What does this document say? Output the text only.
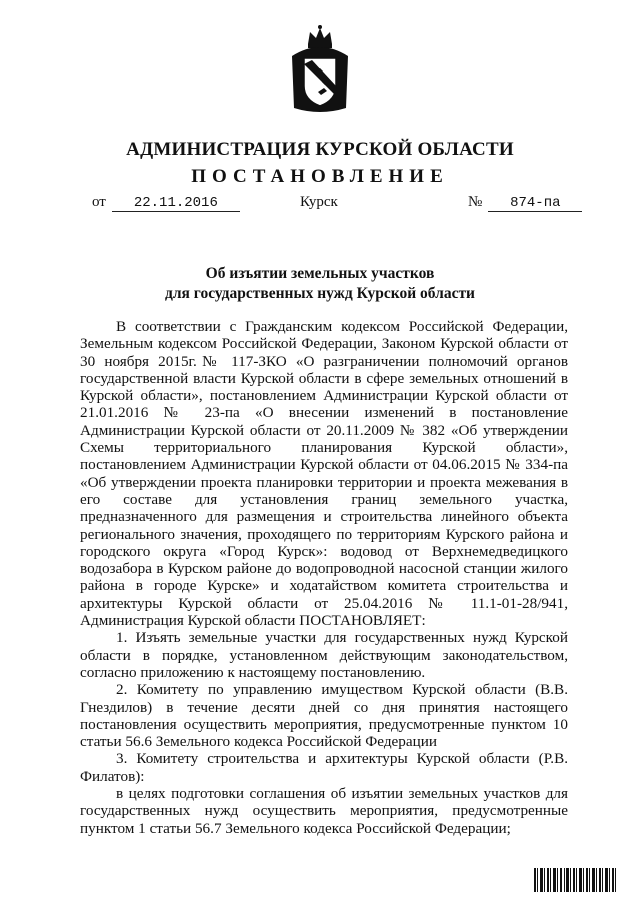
АДМИНИСТРАЦИЯ КУРСКОЙ ОБЛАСТИ
ПОСТАНОВЛЕНИЕ
от 22.11.2016	Курск	№ 874-па
Об изъятии земельных участков
для государственных нужд Курской области

В соответствии с Гражданским кодексом Российской Федерации, Земельным кодексом Российской Федерации, Законом Курской области от 30 ноября 2015г.№ 117-ЗКО «О разграничении полномочий органов государственной власти Курской области в сфере земельных отношений в Курской области», постановлением Администрации Курской области от 21.01.2016 № 23-па «О внесении изменений в постановление Администрации Курской области от 20.11.2009 № 382 «Об утверждении Схемы территориального планирования Курской области», постановлением Администрации Курской области от 04.06.2015 № 334-па «Об утверждении проекта планировки территории и проекта межевания в его составе для установления границ земельного участка, предназначенного для размещения и строительства линейного объекта регионального значения, проходящего по территориям Курского района и городского округа «Город Курск»: водовод от Верхнемедведицкого водозабора в Курском районе до водопроводной насосной станции жилого района в городе Курске» и ходатайством комитета строительства и архитектуры Курской области от 25.04.2016 № 11.1-01-28/941, Администрация Курской области ПОСТАНОВЛЯЕТ:

1. Изъять земельные участки для государственных нужд Курской области в порядке, установленном действующим законодательством, согласно приложению к настоящему постановлению.

2. Комитету по управлению имуществом Курской области (В.В. Гнездилов) в течение десяти дней со дня принятия настоящего постановления осуществить мероприятия, предусмотренные пунктом 10 статьи 56.6 Земельного кодекса Российской Федерации

3. Комитету строительства и архитектуры Курской области (Р.В. Филатов):

в целях подготовки соглашения об изъятии земельных участков для государственных нужд осуществить мероприятия, предусмотренные пунктом 1 статьи 56.7 Земельного кодекса Российской Федерации;
